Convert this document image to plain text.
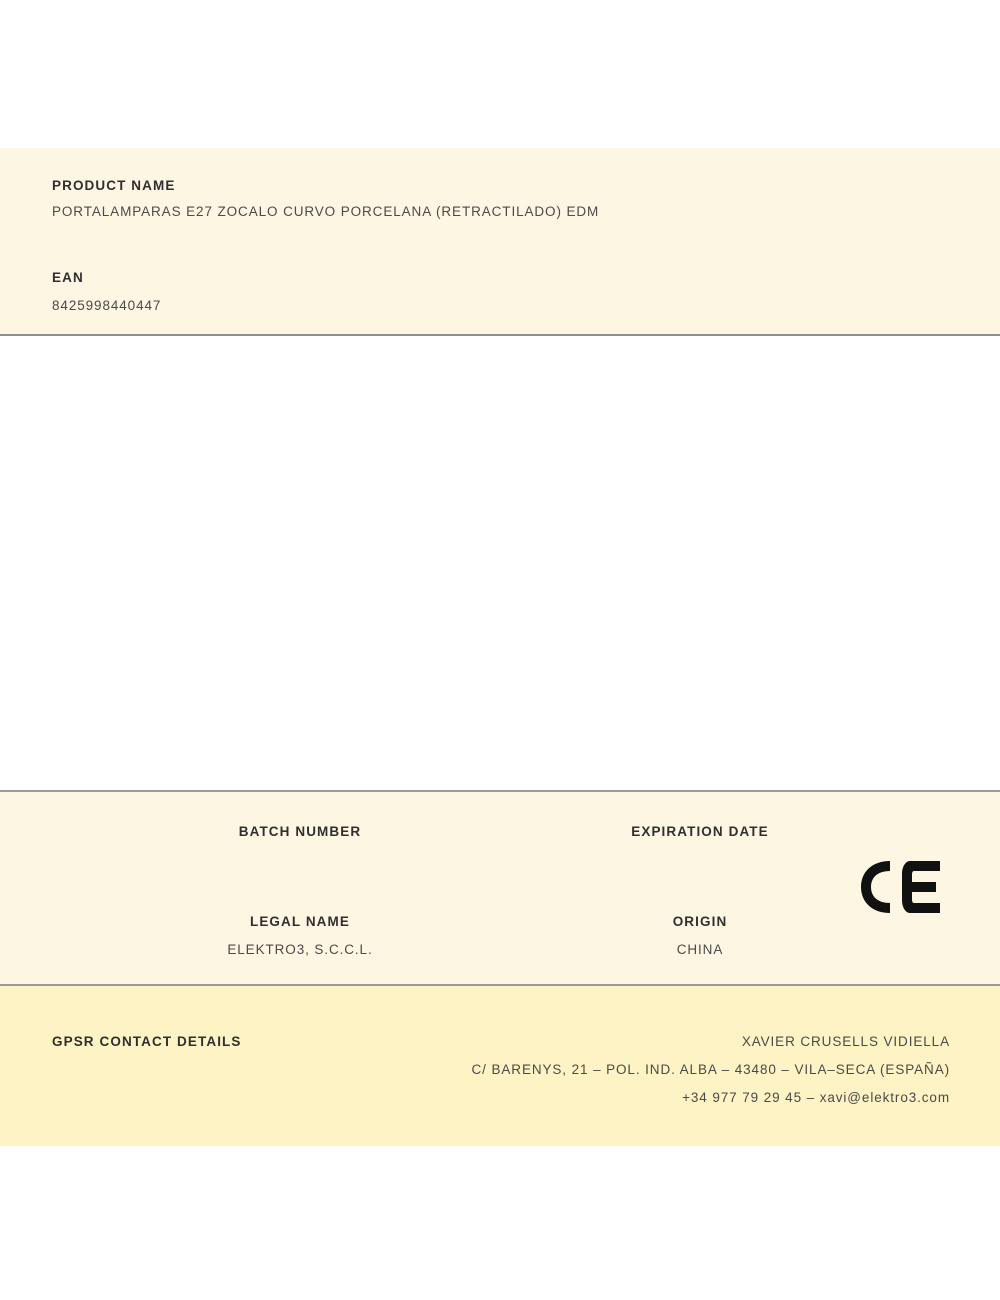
PRODUCT NAME
PORTALAMPARAS E27 ZOCALO CURVO PORCELANA (RETRACTILADO) EDM
EAN
8425998440447
BATCH NUMBER	EXPIRATION DATE
LEGAL NAME
ELEKTRO3, S.C.C.L.
ORIGIN
CHINA
GPSR CONTACT DETAILS	XAVIER CRUSELLS VIDIELLA
C/ BARENYS, 21 – POL. IND. ALBA – 43480 – VILA–SECA (ESPAÑA)
+34 977 79 29 45 – xavi@elektro3.com
